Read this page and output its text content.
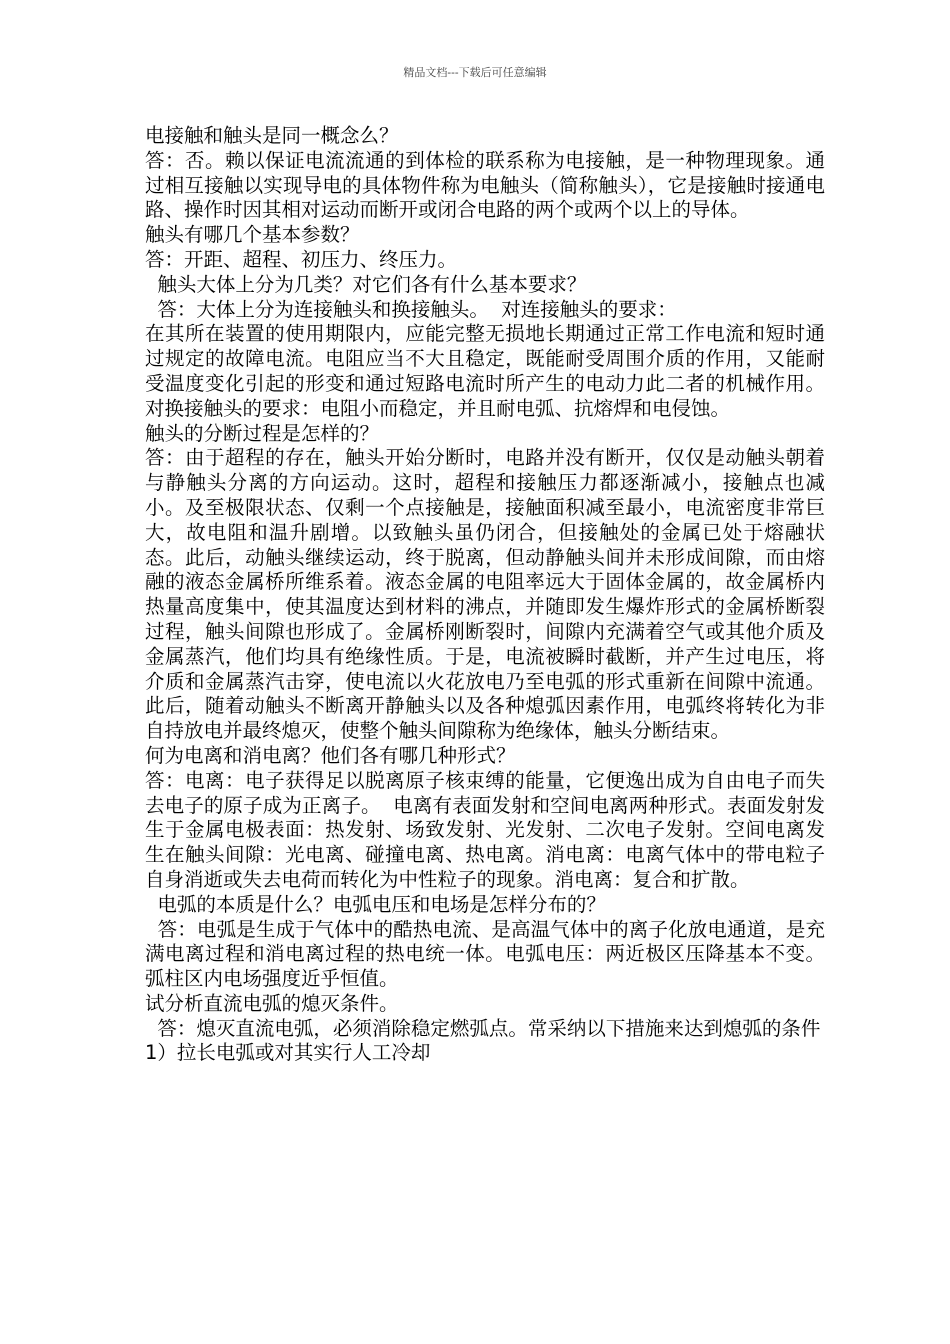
精品文档---下载后可任意编辑

电接触和触头是同一概念么？

答：否。赖以保证电流流通的到体检的联系称为电接触，是一种物理现象。通过相互接触以实现导电的具体物件称为电触头（简称触头），它是接触时接通电路、操作时因其相对运动而断开或闭合电路的两个或两个以上的导体。

触头有哪几个基本参数？

答：开距、超程、初压力、终压力。

触头大体上分为几类？对它们各有什么基本要求？

答：大体上分为连接触头和换接触头。  对连接触头的要求：

在其所在装置的使用期限内，应能完整无损地长期通过正常工作电流和短时通过规定的故障电流。电阻应当不大且稳定，既能耐受周围介质的作用，又能耐受温度变化引起的形变和通过短路电流时所产生的电动力此二者的机械作用。对换接触头的要求：电阻小而稳定，并且耐电弧、抗熔焊和电侵蚀。

触头的分断过程是怎样的？

答：由于超程的存在，触头开始分断时，电路并没有断开，仅仅是动触头朝着与静触头分离的方向运动。这时，超程和接触压力都逐渐减小，接触点也减小。及至极限状态、仅剩一个点接触是，接触面积减至最小，电流密度非常巨大，故电阻和温升剧增。以致触头虽仍闭合，但接触处的金属已处于熔融状态。此后，动触头继续运动，终于脱离，但动静触头间并未形成间隙，而由熔融的液态金属桥所维系着。液态金属的电阻率远大于固体金属的，故金属桥内热量高度集中，使其温度达到材料的沸点，并随即发生爆炸形式的金属桥断裂过程，触头间隙也形成了。金属桥刚断裂时，间隙内充满着空气或其他介质及金属蒸汽，他们均具有绝缘性质。于是，电流被瞬时截断，并产生过电压，将介质和金属蒸汽击穿，使电流以火花放电乃至电弧的形式重新在间隙中流通。此后，随着动触头不断离开静触头以及各种熄弧因素作用，电弧终将转化为非自持放电并最终熄灭，使整个触头间隙称为绝缘体，触头分断结束。

何为电离和消电离？他们各有哪几种形式？

答：电离：电子获得足以脱离原子核束缚的能量，它便逸出成为自由电子而失去电子的原子成为正离子。  电离有表面发射和空间电离两种形式。表面发射发生于金属电极表面：热发射、场致发射、光发射、二次电子发射。空间电离发生在触头间隙：光电离、碰撞电离、热电离。消电离：电离气体中的带电粒子自身消逝或失去电荷而转化为中性粒子的现象。消电离：复合和扩散。

电弧的本质是什么？电弧电压和电场是怎样分布的？

答：电弧是生成于气体中的酷热电流、是高温气体中的离子化放电通道，是充满电离过程和消电离过程的热电统一体。电弧电压：两近极区压降基本不变。弧柱区内电场强度近乎恒值。

试分析直流电弧的熄灭条件。

答：熄灭直流电弧，必须消除稳定燃弧点。常采纳以下措施来达到熄弧的条件

1）拉长电弧或对其实行人工冷却
